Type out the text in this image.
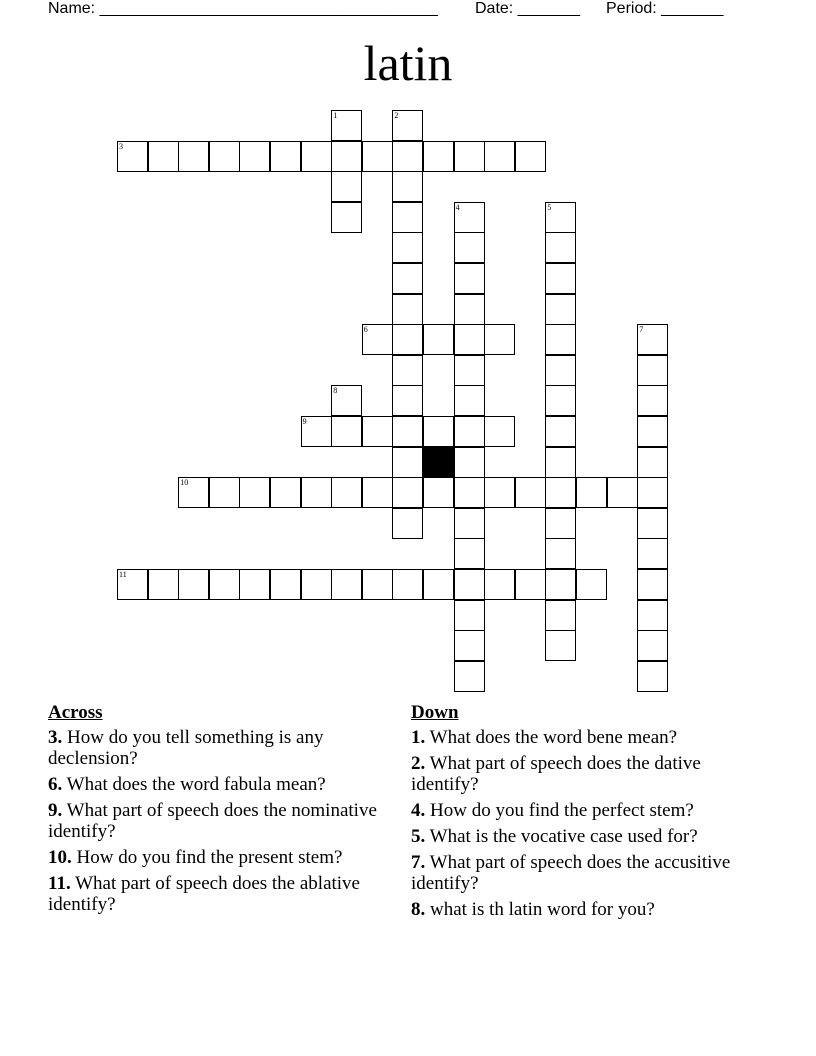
Name: ______________________________________ Date: _______ Period: _______
latin
1	2
3
4	5
6	7
8
9
10
11
Across
3. How do you tell something is any declension?
6. What does the word fabula mean?
9. What part of speech does the nominative identify?
10. How do you find the present stem?
11. What part of speech does the ablative identify?
Down
1. What does the word bene mean?
2. What part of speech does the dative identify?
4. How do you find the perfect stem?
5. What is the vocative case used for?
7. What part of speech does the accusitive identify?
8. what is th latin word for you?
